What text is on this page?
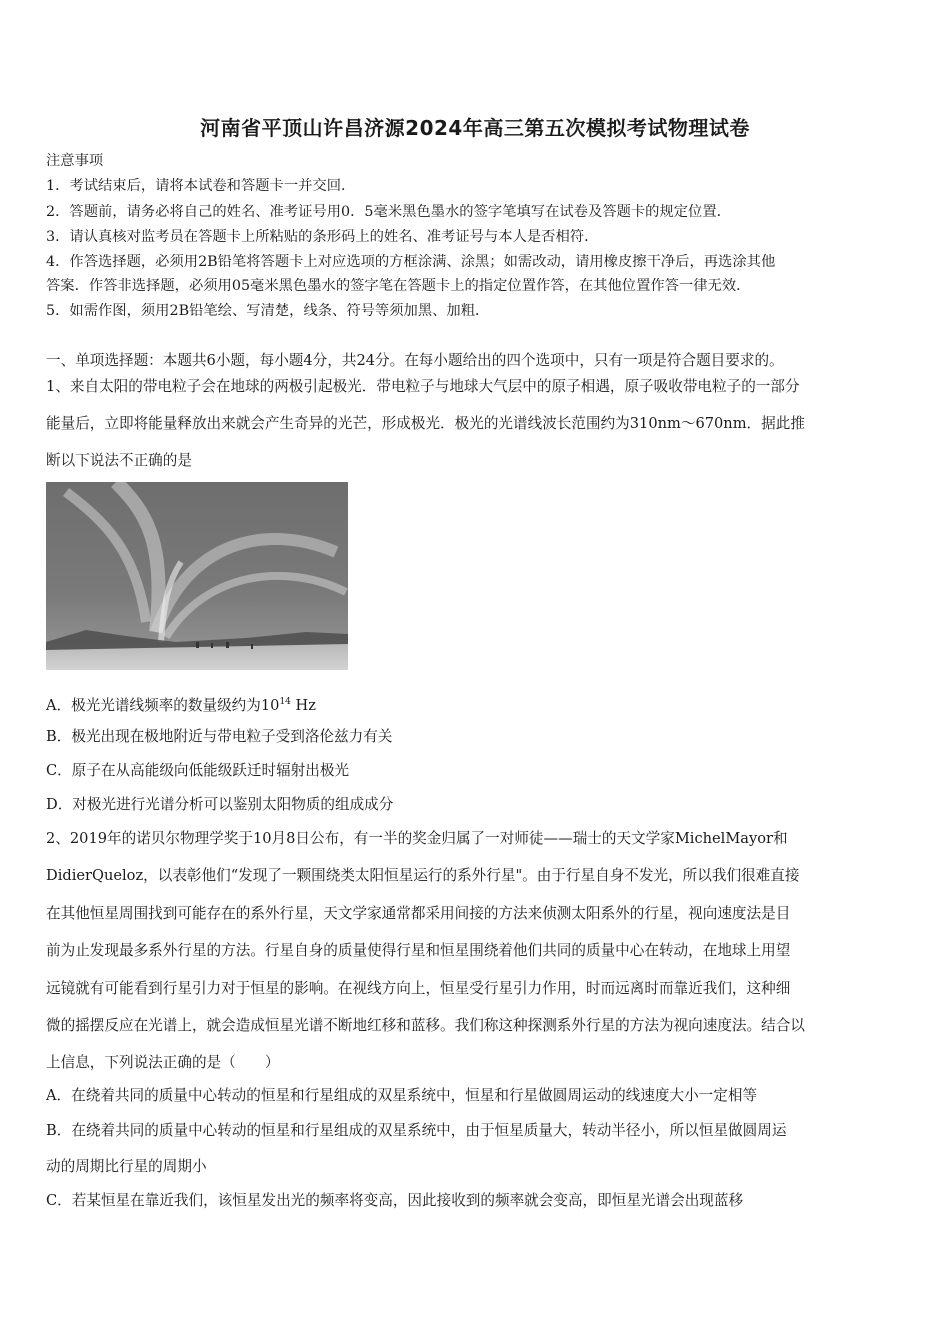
河南省平顶山许昌济源2024年高三第五次模拟考试物理试卷
注意事项
1．考试结束后，请将本试卷和答题卡一并交回．
2．答题前，请务必将自己的姓名、准考证号用0．5毫米黑色墨水的签字笔填写在试卷及答题卡的规定位置．
3．请认真核对监考员在答题卡上所粘贴的条形码上的姓名、准考证号与本人是否相符．
4．作答选择题，必须用2B铅笔将答题卡上对应选项的方框涂满、涂黑；如需改动，请用橡皮擦干净后，再选涂其他
答案．作答非选择题，必须用05毫米黑色墨水的签字笔在答题卡上的指定位置作答，在其他位置作答一律无效．
5．如需作图，须用2B铅笔绘、写清楚，线条、符号等须加黑、加粗．
一、单项选择题：本题共6小题，每小题4分，共24分。在每小题给出的四个选项中，只有一项是符合题目要求的。
1、来自太阳的带电粒子会在地球的两极引起极光．带电粒子与地球大气层中的原子相遇，原子吸收带电粒子的一部分
能量后，立即将能量释放出来就会产生奇异的光芒，形成极光．极光的光谱线波长范围约为310nm～670nm．据此推
断以下说法不正确的是
A．极光光谱线频率的数量级约为$10^{14}$ Hz
B．极光出现在极地附近与带电粒子受到洛伦兹力有关
C．原子在从高能级向低能级跃迁时辐射出极光
D．对极光进行光谱分析可以鉴别太阳物质的组成成分
2、2019年的诺贝尔物理学奖于10月8日公布，有一半的奖金归属了一对师徒——瑞士的天文学家MichelMayor和
DidierQueloz，以表彰他们“发现了一颗围绕类太阳恒星运行的系外行星"。由于行星自身不发光，所以我们很难直接
在其他恒星周围找到可能存在的系外行星，天文学家通常都采用间接的方法来侦测太阳系外的行星，视向速度法是目
前为止发现最多系外行星的方法。行星自身的质量使得行星和恒星围绕着他们共同的质量中心在转动，在地球上用望
远镜就有可能看到行星引力对于恒星的影响。在视线方向上，恒星受行星引力作用，时而远离时而靠近我们，这种细
微的摇摆反应在光谱上，就会造成恒星光谱不断地红移和蓝移。我们称这种探测系外行星的方法为视向速度法。结合以
上信息，下列说法正确的是（　　）
A．在绕着共同的质量中心转动的恒星和行星组成的双星系统中，恒星和行星做圆周运动的线速度大小一定相等
B．在绕着共同的质量中心转动的恒星和行星组成的双星系统中，由于恒星质量大，转动半径小，所以恒星做圆周运
动的周期比行星的周期小
C．若某恒星在靠近我们，该恒星发出光的频率将变高，因此接收到的频率就会变高，即恒星光谱会出现蓝移
